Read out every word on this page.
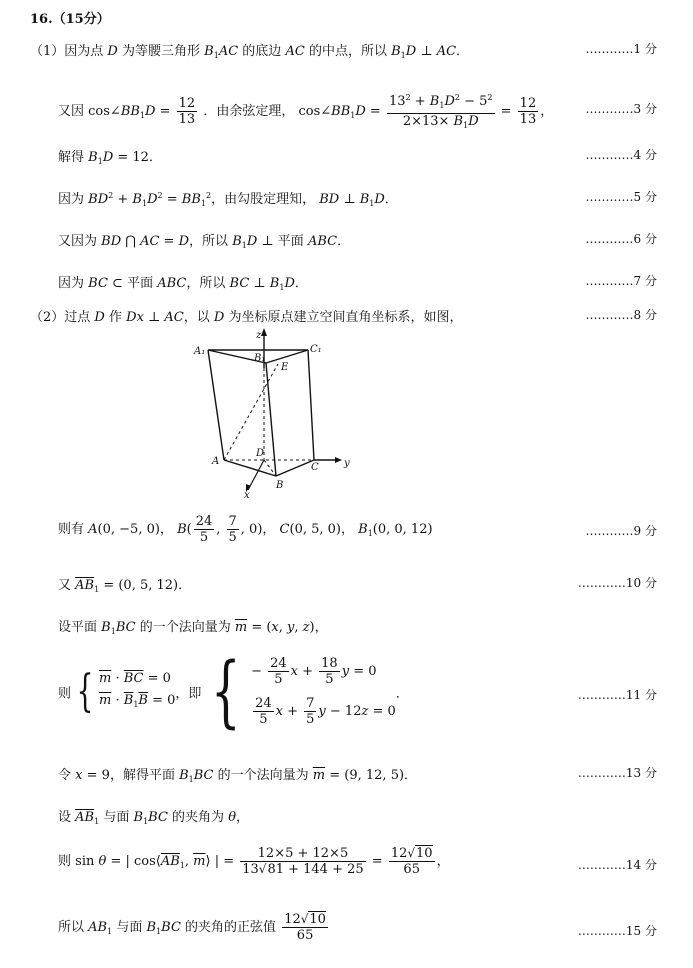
16.（15分）
（1）因为点 D 为等腰三角形 $B_1AC$ 的底边 AC 的中点，所以 $B_1D$ ⊥ AC．	…………1 分
又因 $\cos\angle BB_1D = \frac{12}{13}$ ．由余弦定理， $\cos\angle BB_1D = \frac{13^2 + B_1D^2 - 5^2}{2\times 13\times B_1D} = \frac{12}{13}$ ，	…………3 分
解得 $B_1D = 12$．	…………4 分
因为 $BD^2 + B_1D^2 = BB_1^2$，由勾股定理知， BD ⊥ $B_1D$．	…………5 分
又因为 BD ⋂ AC = D，所以 $B_1D$ ⊥ 平面 ABC．	…………6 分
因为 BC ⊂ 平面 ABC，所以 BC ⊥ $B_1D$．	…………7 分
（2）过点 D 作 Dx ⊥ AC，以 D 为坐标原点建立空间直角坐标系，如图，	…………8 分
A₁
B₁
C₁
E
D
A
C
B
x
y
z
则有 A(0, −5, 0)， $B( \frac{24}{5}$ , $\frac{7}{5}$ , 0)， C(0, 5, 0)， $B_1(0$, 0, 12)	…………9 分
又 $\overline{AB}_1 = (0$, 5, 12)．	…………10 分
设平面 $B_1BC$ 的一个法向量为 $\overline{m} = (x$, y, z)，
则 { $\overline{m} \cdot \overline{BC} = 0$
$\overline{m} \cdot \overline{B}_1\overline{B} = 0$ ，即 { − $\frac{24}{5}$ $x + \frac{18}{5}$ y = 0
$\frac{24}{5}$ $x + \frac{7}{5}$ y − 12z = 0
．	…………11 分
令 x = 9，解得平面 $B_1BC$ 的一个法向量为 $\overline{m} = (9$, 12, 5)．	…………13 分
设 $\overline{AB}_1$ 与面 $B_1BC$ 的夹角为 θ，
则 sin θ = | $\cos⟨\overline{AB}_1$, $\overline{m}⟩$ | = $\frac{12\times 5 + 12\times 5}{13√81 + 144 + 25} = \frac{12√10}{65}$ ，	…………14 分
所以 $AB_1$ 与面 $B_1BC$ 的夹角的正弦值 $\frac{12√10}{65}$	…………15 分
